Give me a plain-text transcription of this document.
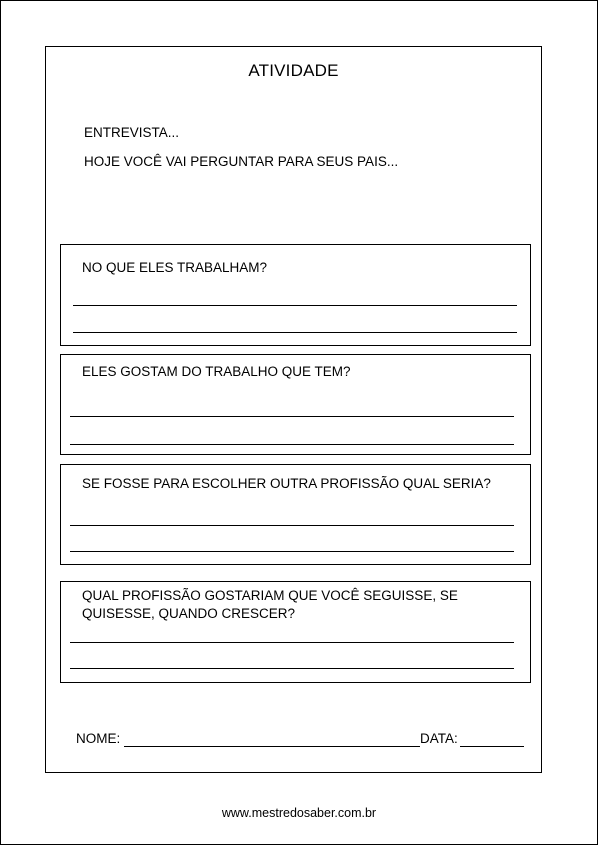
ATIVIDADE
ENTREVISTA...
HOJE VOCÊ VAI PERGUNTAR PARA SEUS PAIS...
NO QUE ELES TRABALHAM?
ELES GOSTAM DO TRABALHO QUE TEM?
SE FOSSE PARA ESCOLHER OUTRA PROFISSÃO QUAL SERIA?
QUAL PROFISSÃO GOSTARIAM QUE VOCÊ SEGUISSE, SE
QUISESSE, QUANDO CRESCER?
NOME:	DATA:
www.mestredosaber.com.br
